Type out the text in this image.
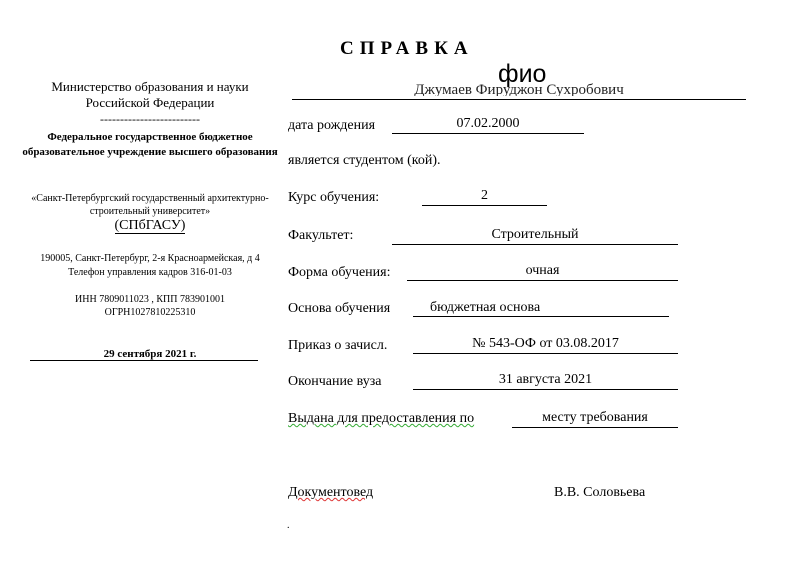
СПРАВКА
Джумаев Фируджон Сухробович
фио
Министерство образования и науки Российской Федерации
-------------------------
Федеральное государственное бюджетное образовательное учреждение высшего образования
«Санкт-Петербургский государственный архитектурно-строительный университет»
(СПбГАСУ)
190005, Санкт-Петербург, 2-я Красноармейская, д 4
Телефон управления кадров 316-01-03
ИНН 7809011023 , КПП 783901001
ОГРН1027810225310
29 сентября 2021 г.
дата рождения	07.02.2000
является студентом (кой).
Курс обучения:	2
Факультет:	Строительный
Форма обучения:	очная
Основа обучения	бюджетная основа
Приказ о зачисл.	№ 543-ОФ от 03.08.2017
Окончание вуза	31 августа 2021
Выдана для предоставления по	месту требования
Документовед	В.В. Соловьева
.
